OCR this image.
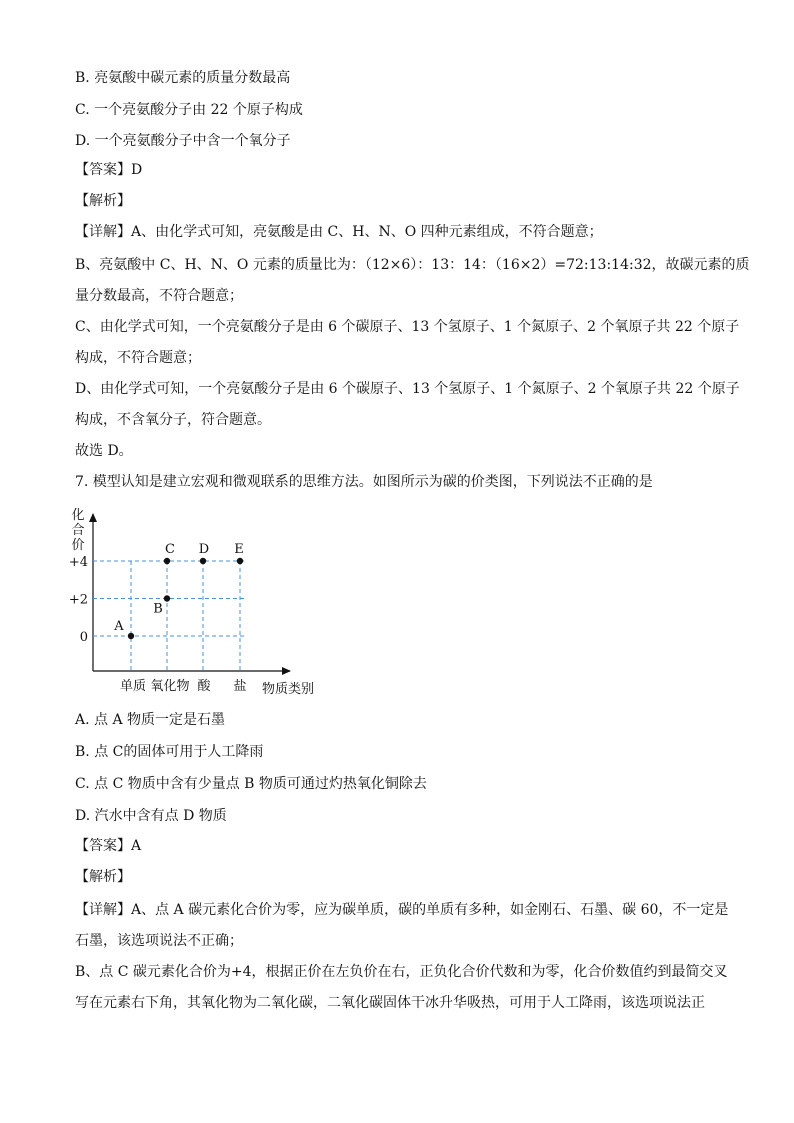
B. 亮氨酸中碳元素的质量分数最高
C. 一个亮氨酸分子由 22 个原子构成
D. 一个亮氨酸分子中含一个氧分子
【答案】D
【解析】
【详解】A、由化学式可知，亮氨酸是由 C、H、N、O 四种元素组成，不符合题意；
B、亮氨酸中 C、H、N、O 元素的质量比为：（12×6）：13：14：（16×2）=72:13:14:32，故碳元素的质
量分数最高，不符合题意；
C、由化学式可知，一个亮氨酸分子是由 6 个碳原子、13 个氢原子、1 个氮原子、2 个氧原子共 22 个原子
构成，不符合题意；
D、由化学式可知，一个亮氨酸分子是由 6 个碳原子、13 个氢原子、1 个氮原子、2 个氧原子共 22 个原子
构成，不含氧分子，符合题意。
故选 D。
7. 模型认知是建立宏观和微观联系的思维方法。如图所示为碳的价类图，下列说法不正确的是
A. 点 A 物质一定是石墨
B. 点 C的固体可用于人工降雨
C. 点 C 物质中含有少量点 B 物质可通过灼热氧化铜除去
D. 汽水中含有点 D 物质
【答案】A
【解析】
【详解】A、点 A 碳元素化合价为零，应为碳单质，碳的单质有多种，如金刚石、石墨、碳 60，不一定是
石墨，该选项说法不正确；
B、点 C 碳元素化合价为+4，根据正价在左负价在右，正负化合价代数和为零，化合价数值约到最简交叉
写在元素右下角，其氧化物为二氧化碳，二氧化碳固体干冰升华吸热，可用于人工降雨，该选项说法正
化
合
价
+4
+2
0
单质 氧化物 酸 盐 物质类别
A
B
C D E
